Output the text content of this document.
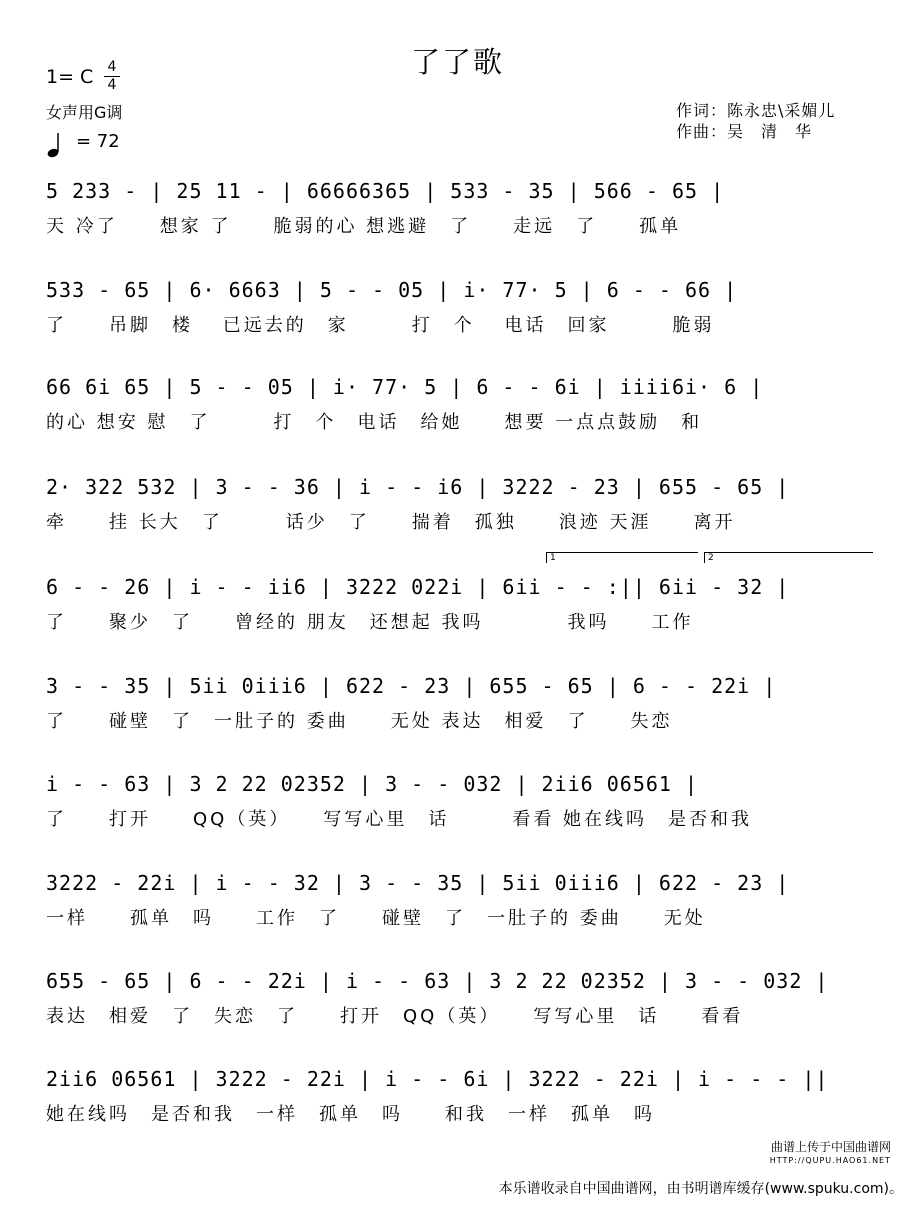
了了歌
1= C 4
4
女声用G调
= 72
作词：陈永忠\采媚儿
作曲：吴　清　华
5 233 - | 25 11 - | 66666365 | 533 - 35 | 566 - 65 |
天 冷了　　想家 了　　脆弱的心 想逃避　了　　走远　了　　孤单
533 - 65 | 6· 6663 | 5 - - 05 | i· 77· 5 | 6 - - 66 |
了　　吊脚　楼　 已远去的　家　　　打　个　 电话　回家　　　脆弱
66 6i 65 | 5 - - 05 | i· 77· 5 | 6 - - 6i | iiii6i· 6 |
的心 想安 慰　了　　　打　个　电话　给她　　想要 一点点鼓励　和
2· 322 532 | 3 - - 36 | i - - i6 | 3222 - 23 | 655 - 65 |
牵　　挂 长大　了　　　话少　了　　揣着　孤独　　浪迹 天涯　　离开
1	2
6 - - 26 | i - - ii6 | 3222 022i | 6ii - - :|| 6ii - 32 |
了　　聚少　了　　曾经的 朋友　还想起 我吗　　　　我吗　　工作
3 - - 35 | 5ii 0iii6 | 622 - 23 | 655 - 65 | 6 - - 22i |
了　　碰壁　了　一肚子的 委曲　　无处 表达　相爱　了　　失恋
i - - 63 | 3 2 22 02352 | 3 - - 032 | 2ii6 06561 |
了　　打开　　QQ（英）　　写写心里　话　　　看看 她在线吗　是否和我
3222 - 22i | i - - 32 | 3 - - 35 | 5ii 0iii6 | 622 - 23 |
一样　　孤单　吗　　工作　了　　碰壁　了　一肚子的 委曲　　无处
655 - 65 | 6 - - 22i | i - - 63 | 3 2 22 02352 | 3 - - 032 |
表达　相爱　了　失恋　了　　打开　QQ（英）　　写写心里　话　　看看
2ii6 06561 | 3222 - 22i | i - - 6i | 3222 - 22i | i - - - ||
她在线吗　是否和我　一样　孤单　吗　　和我　一样　孤单　吗
曲谱上传于中国曲谱网
HTTP://QUPU.HAO61.NET
本乐谱收录自中国曲谱网，由书明谱库缓存(www.spuku.com)。
